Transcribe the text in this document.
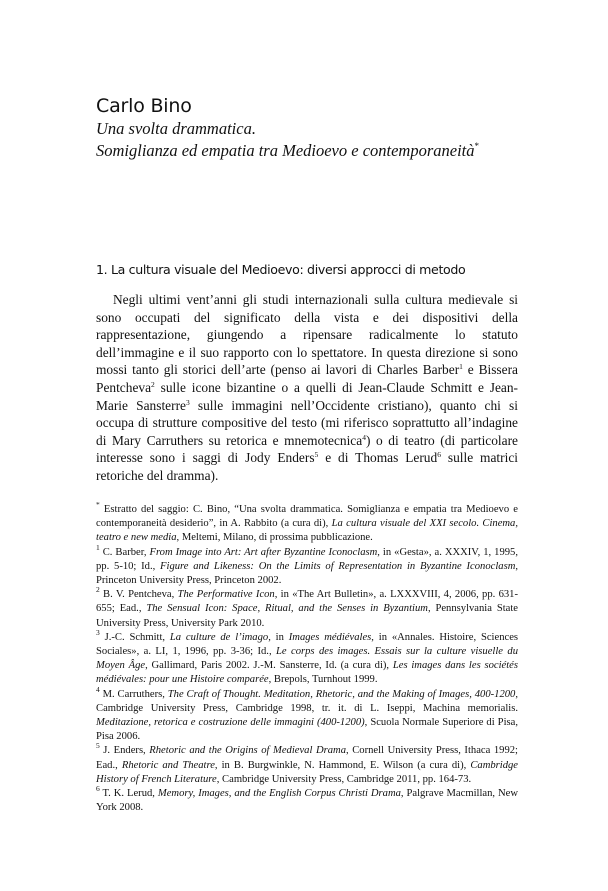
Carlo Bino

Una svolta drammatica.

Somiglianza ed empatia tra Medioevo e contemporaneità*

1. La cultura visuale del Medioevo: diversi approcci di metodo

Negli ultimi vent’anni gli studi internazionali sulla cultura medievale si sono occupati del significato della vista e dei dispositivi della rappresentazione, giungendo a ripensare radicalmente lo statuto dell’immagine e il suo rapporto con lo spettatore. In questa direzione si sono mossi tanto gli storici dell’arte (penso ai lavori di Charles Barber$^1$ e Bissera Pentcheva$^2$ sulle icone bizantine o a quelli di Jean-Claude Schmitt e Jean-Marie Sansterre$^3$ sulle immagini nell’Occidente cristiano), quanto chi si occupa di strutture compositive del testo (mi riferisco soprattutto all’indagine di Mary Carruthers su retorica e mnemotecnica$^4$) o di teatro (di particolare interesse sono i saggi di Jody Enders$^5$ e di Thomas Lerud$^6$ sulle matrici retoriche del dramma).

* Estratto del saggio: C. Bino, “Una svolta drammatica. Somiglianza e empatia tra Medioevo e contemporaneità desiderio”, in A. Rabbito (a cura di), La cultura visuale del XXI secolo. Cinema, teatro e new media, Meltemi, Milano, di prossima pubblicazione.

$^1$ C. Barber, From Image into Art: Art after Byzantine Iconoclasm, in «Gesta», a. XXXIV, 1, 1995, pp. 5-10; Id., Figure and Likeness: On the Limits of Representation in Byzantine Iconoclasm, Princeton University Press, Princeton 2002.

$^2$ B. V. Pentcheva, The Performative Icon, in «The Art Bulletin», a. LXXXVIII, 4, 2006, pp. 631-655; Ead., The Sensual Icon: Space, Ritual, and the Senses in Byzantium, Pennsylvania State University Press, University Park 2010.

$^3$ J.-C. Schmitt, La culture de l’imago, in Images médiévales, in «Annales. Histoire, Sciences Sociales», a. LI, 1, 1996, pp. 3-36; Id., Le corps des images. Essais sur la culture visuelle du Moyen Âge, Gallimard, Paris 2002. J.-M. Sansterre, Id. (a cura di), Les images dans les sociétés médiévales: pour une Histoire comparée, Brepols, Turnhout 1999.

$^4$ M. Carruthers, The Craft of Thought. Meditation, Rhetoric, and the Making of Images, 400-1200, Cambridge University Press, Cambridge 1998, tr. it. di L. Iseppi, Machina memorialis. Meditazione, retorica e costruzione delle immagini (400-1200), Scuola Normale Superiore di Pisa, Pisa 2006.

$^5$ J. Enders, Rhetoric and the Origins of Medieval Drama, Cornell University Press, Ithaca 1992; Ead., Rhetoric and Theatre, in B. Burgwinkle, N. Hammond, E. Wilson (a cura di), Cambridge History of French Literature, Cambridge University Press, Cambridge 2011, pp. 164-73.

$^6$ T. K. Lerud, Memory, Images, and the English Corpus Christi Drama, Palgrave Macmillan, New York 2008.
